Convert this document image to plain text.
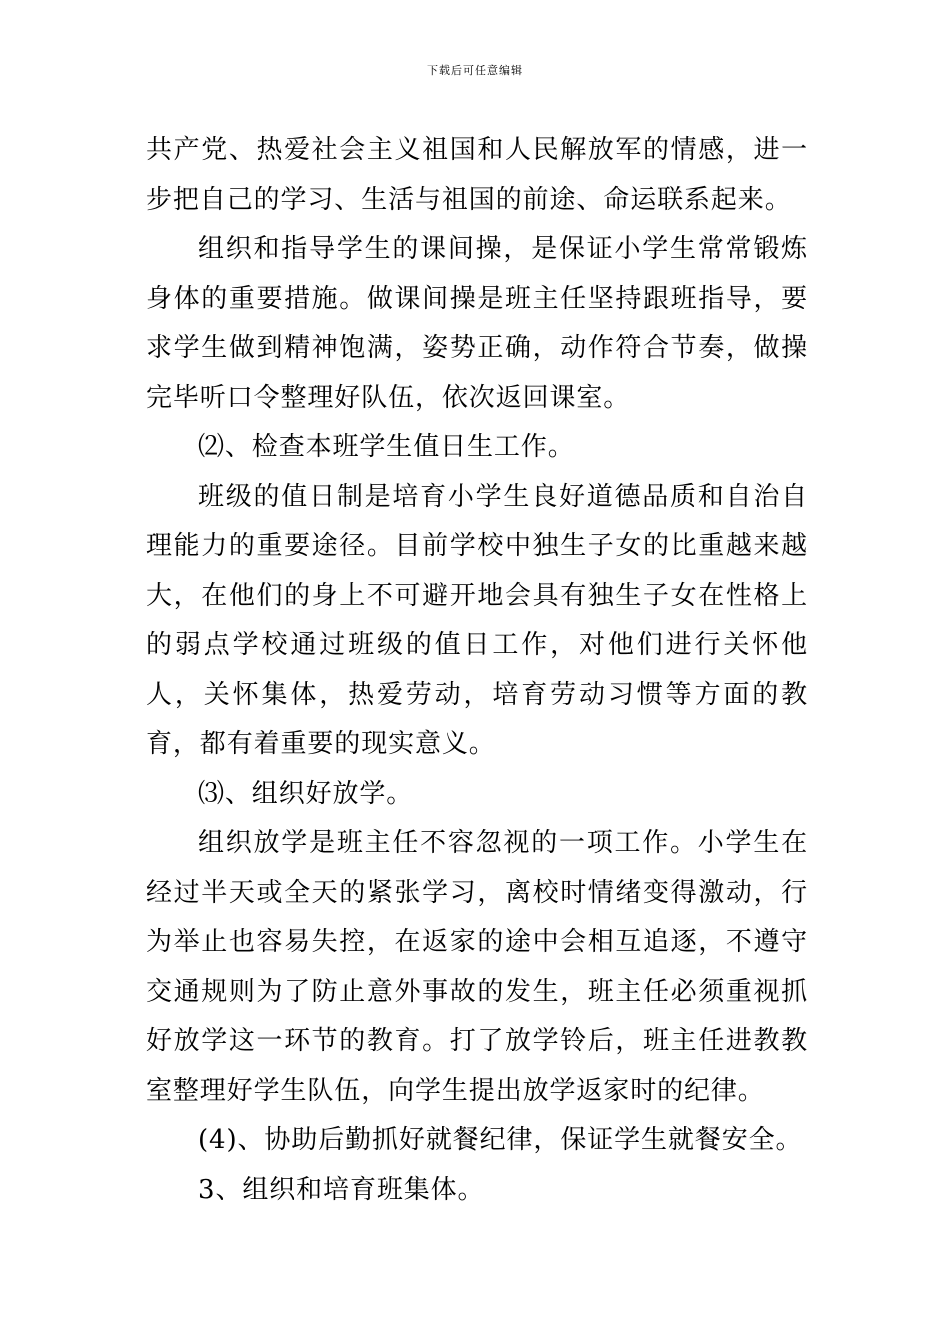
下载后可任意编辑

共产党、热爱社会主义祖国和人民解放军的情感，进一步把自己的学习、生活与祖国的前途、命运联系起来。

组织和指导学生的课间操，是保证小学生常常锻炼身体的重要措施。做课间操是班主任坚持跟班指导，要求学生做到精神饱满，姿势正确，动作符合节奏，做操完毕听口令整理好队伍，依次返回课室。

⑵、检查本班学生值日生工作。

班级的值日制是培育小学生良好道德品质和自治自理能力的重要途径。目前学校中独生子女的比重越来越大，在他们的身上不可避开地会具有独生子女在性格上的弱点学校通过班级的值日工作，对他们进行关怀他人，关怀集体，热爱劳动，培育劳动习惯等方面的教育，都有着重要的现实意义。

⑶、组织好放学。

组织放学是班主任不容忽视的一项工作。小学生在经过半天或全天的紧张学习，离校时情绪变得激动，行为举止也容易失控，在返家的途中会相互追逐，不遵守交通规则为了防止意外事故的发生，班主任必须重视抓好放学这一环节的教育。打了放学铃后，班主任进教教室整理好学生队伍，向学生提出放学返家时的纪律。

(4)、协助后勤抓好就餐纪律，保证学生就餐安全。

3、组织和培育班集体。
